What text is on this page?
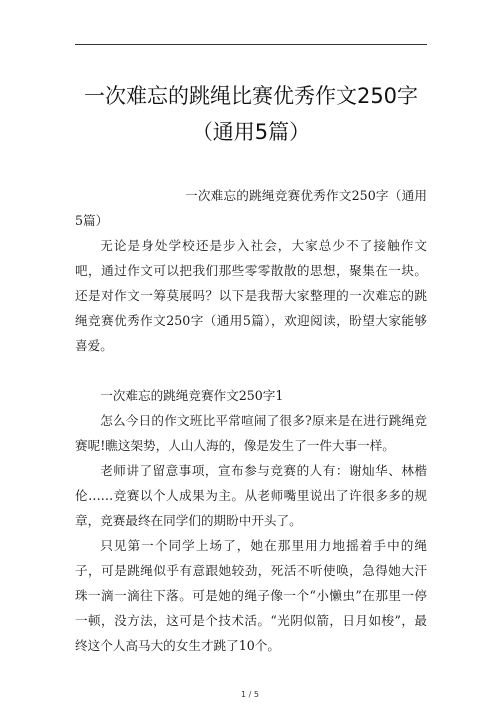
一次难忘的跳绳比赛优秀作文250字（通用5篇）

一次难忘的跳绳竞赛优秀作文250字（通用5篇）

无论是身处学校还是步入社会，大家总少不了接触作文吧，通过作文可以把我们那些零零散散的思想，聚集在一块。还是对作文一筹莫展吗？以下是我帮大家整理的一次难忘的跳绳竞赛优秀作文250字（通用5篇），欢迎阅读，盼望大家能够喜爱。

一次难忘的跳绳竞赛作文250字1

怎么今日的作文班比平常喧闹了很多?原来是在进行跳绳竞赛呢!瞧这架势，人山人海的，像是发生了一件大事一样。

老师讲了留意事项，宣布参与竞赛的人有：谢灿华、林楷伦……竞赛以个人成果为主。从老师嘴里说出了许很多多的规章，竞赛最终在同学们的期盼中开头了。

只见第一个同学上场了，她在那里用力地摇着手中的绳子，可是跳绳似乎有意跟她较劲，死活不听使唤，急得她大汗珠一滴一滴往下落。可是她的绳子像一个“小懒虫”在那里一停一顿，没方法，这可是个技术活。“光阴似箭，日月如梭”，最终这个人高马大的女生才跳了10个。

1 / 5
